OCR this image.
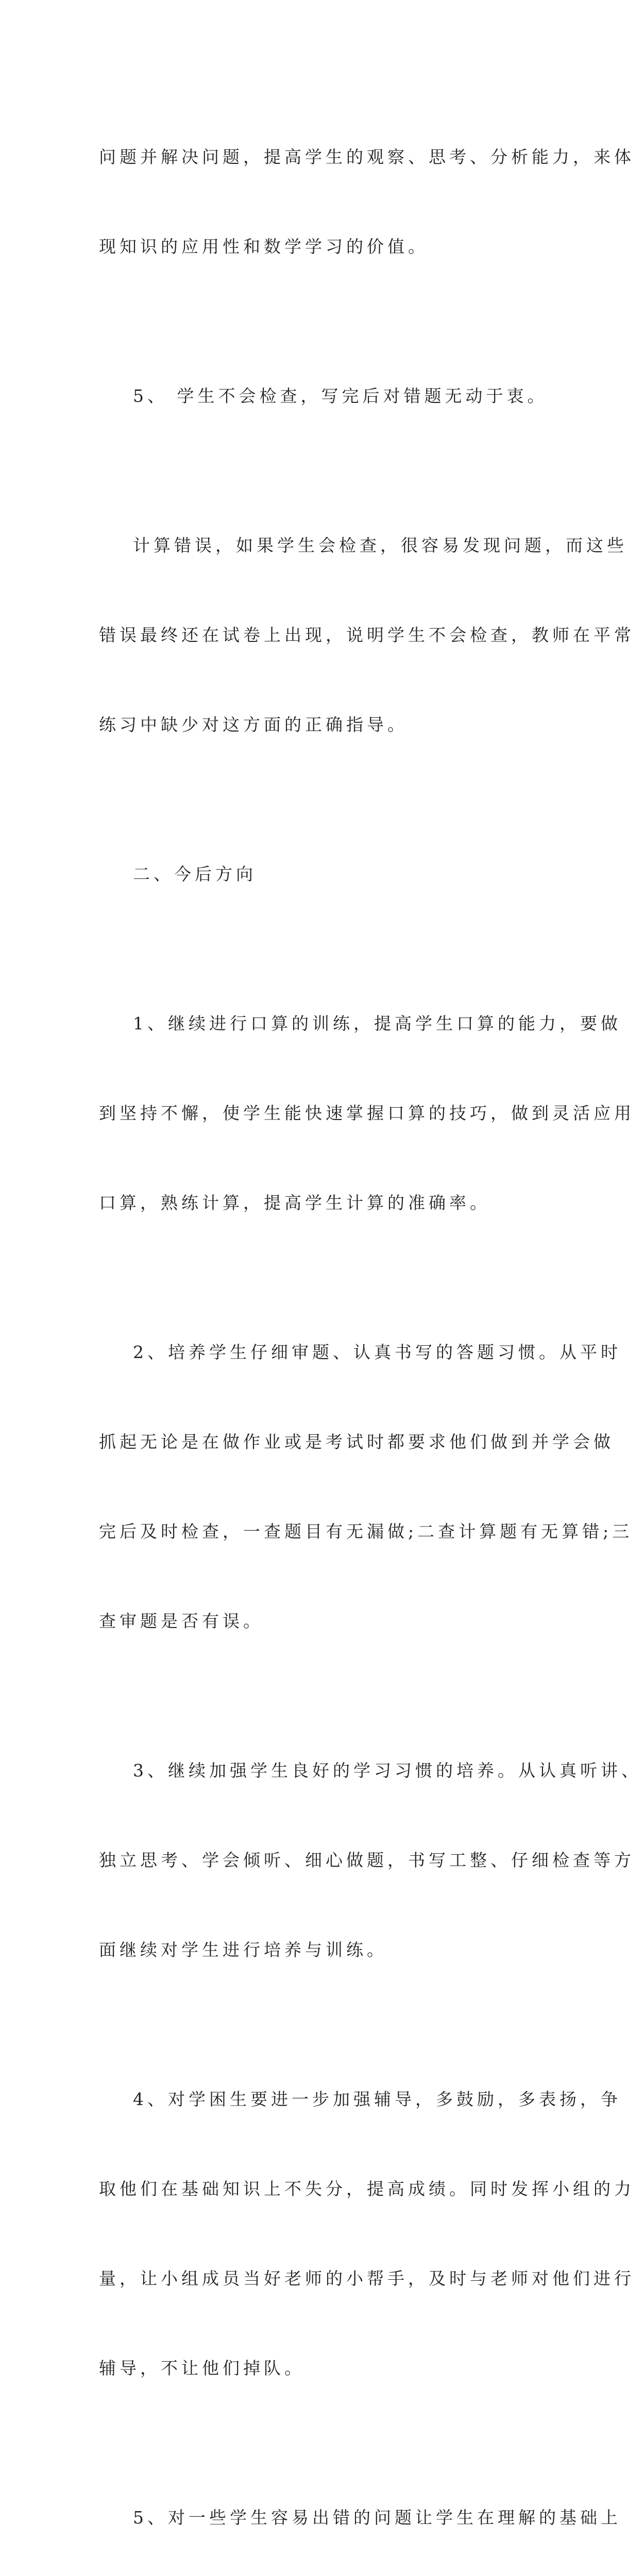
问题并解决问题，提高学生的观察、思考、分析能力，来体

现知识的应用性和数学学习的价值。

5、 学生不会检查，写完后对错题无动于衷。

计算错误，如果学生会检查，很容易发现问题，而这些

错误最终还在试卷上出现，说明学生不会检查，教师在平常

练习中缺少对这方面的正确指导。

二、今后方向

1、继续进行口算的训练，提高学生口算的能力，要做

到坚持不懈，使学生能快速掌握口算的技巧，做到灵活应用

口算，熟练计算，提高学生计算的准确率。

2、培养学生仔细审题、认真书写的答题习惯。从平时

抓起无论是在做作业或是考试时都要求他们做到并学会做

完后及时检查，一查题目有无漏做;二查计算题有无算错;三

查审题是否有误。

3、继续加强学生良好的学习习惯的培养。从认真听讲、

独立思考、学会倾听、细心做题，书写工整、仔细检查等方

面继续对学生进行培养与训练。

4、对学困生要进一步加强辅导，多鼓励，多表扬，争

取他们在基础知识上不失分，提高成绩。同时发挥小组的力

量，让小组成员当好老师的小帮手，及时与老师对他们进行

辅导，不让他们掉队。

5、对一些学生容易出错的问题让学生在理解的基础上
